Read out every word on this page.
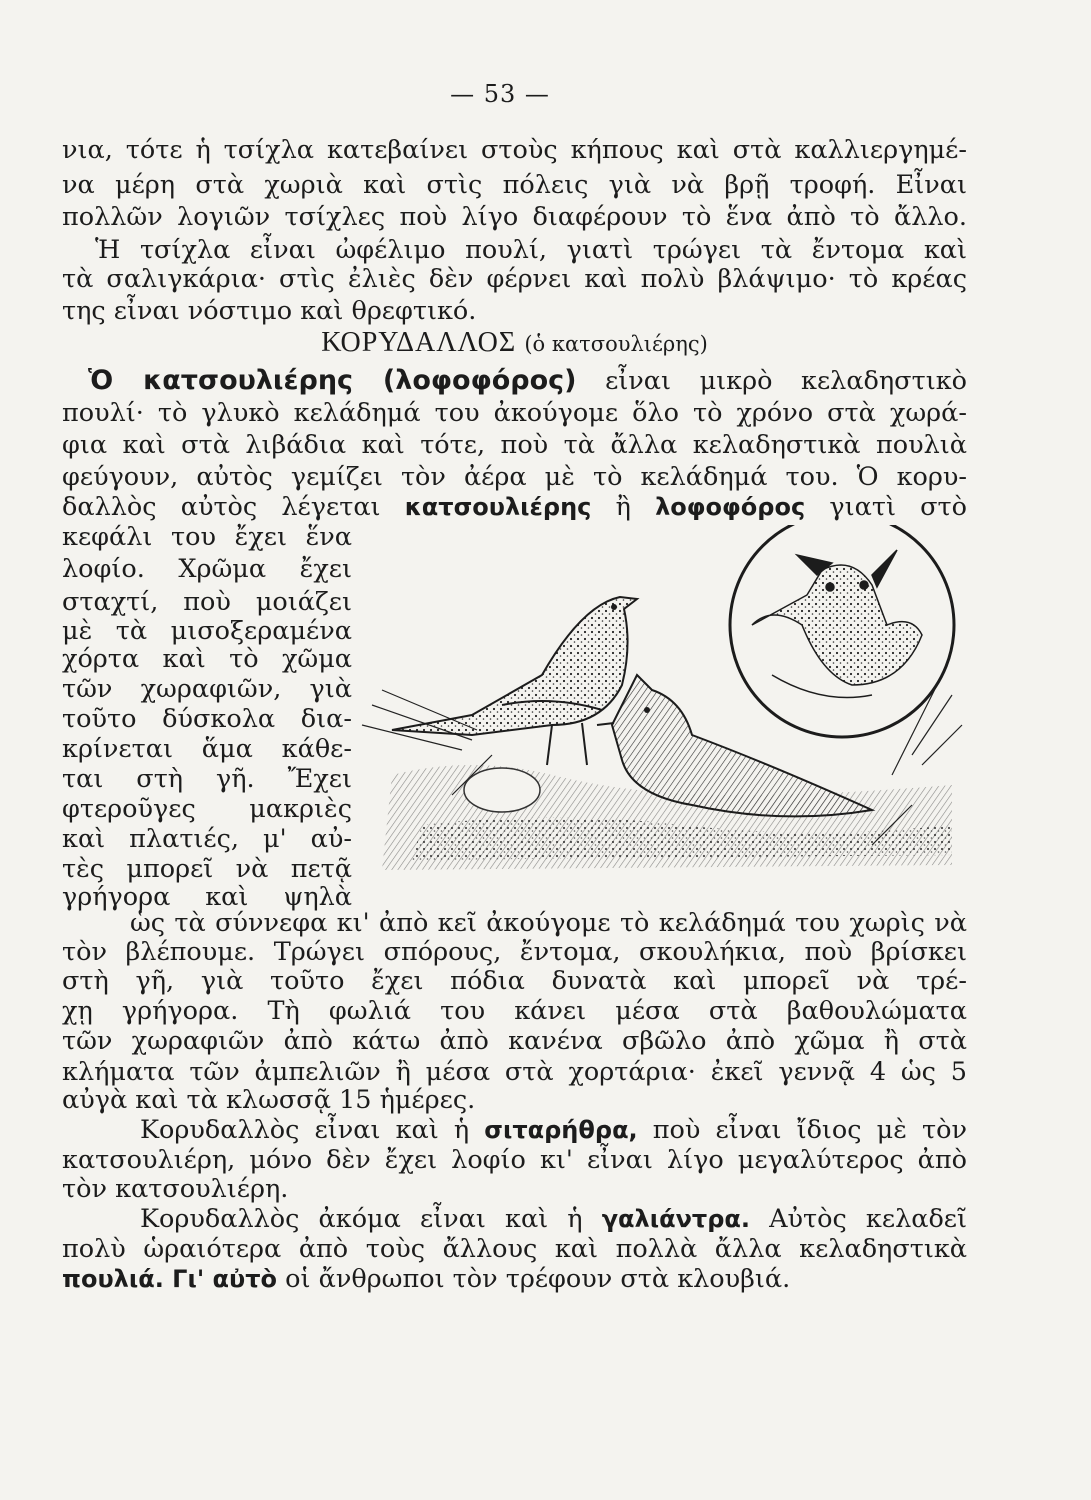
— 53 —
νια, τότε ἡ τσίχλα κατεβαίνει στοὺς κήπους καὶ στὰ καλλιεργημέ-
να μέρη στὰ χωριὰ καὶ στὶς πόλεις γιὰ νὰ βρῇ τροφή. Εἶναι
πολλῶν λογιῶν τσίχλες ποὺ λίγο διαφέρουν τὸ ἕνα ἀπὸ τὸ ἄλλο.
Ἡ τσίχλα εἶναι ὠφέλιμο πουλί, γιατὶ τρώγει τὰ ἔντομα καὶ
τὰ σαλιγκάρια· στὶς ἐλιὲς δὲν φέρνει καὶ πολὺ βλάψιμο· τὸ κρέας
της εἶναι νόστιμο καὶ θρεφτικό.
ΚΟΡΥΔΑΛΛΟΣ (ὁ κατσουλιέρης)
Ὁ κατσουλιέρης (λοφοφόρος) εἶναι μικρὸ κελαδηστικὸ
πουλί· τὸ γλυκὸ κελάδημά του ἀκούγομε ὅλο τὸ χρόνο στὰ χωρά-
φια καὶ στὰ λιβάδια καὶ τότε, ποὺ τὰ ἄλλα κελαδηστικὰ πουλιὰ
φεύγουν, αὐτὸς γεμίζει τὸν ἀέρα μὲ τὸ κελάδημά του. Ὁ κορυ-
δαλλὸς αὐτὸς λέγεται κατσουλιέρης ἢ λοφοφόρος γιατὶ στὸ
κεφάλι του ἔχει ἕνα
λοφίο. Χρῶμα ἔχει
σταχτί, ποὺ μοιάζει
μὲ τὰ μισοξεραμένα
χόρτα καὶ τὸ χῶμα
τῶν χωραφιῶν, γιὰ
τοῦτο δύσκολα δια-
κρίνεται ἅμα κάθε-
ται στὴ γῆ. Ἔχει
φτεροῦγες μακριὲς
καὶ πλατιές, μ' αὐ-
τὲς μπορεῖ νὰ πετᾷ
γρήγορα καὶ ψηλὰ
ὡς τὰ σύννεφα κι' ἀπὸ κεῖ ἀκούγομε τὸ κελάδημά του χωρὶς νὰ
τὸν βλέπουμε. Τρώγει σπόρους, ἔντομα, σκουλήκια, ποὺ βρίσκει
στὴ γῆ, γιὰ τοῦτο ἔχει πόδια δυνατὰ καὶ μπορεῖ νὰ τρέ-
χῃ γρήγορα. Τὴ φωλιά του κάνει μέσα στὰ βαθουλώματα
τῶν χωραφιῶν ἀπὸ κάτω ἀπὸ κανένα σβῶλο ἀπὸ χῶμα ἢ στὰ
κλήματα τῶν ἀμπελιῶν ἢ μέσα στὰ χορτάρια· ἐκεῖ γεννᾷ 4 ὡς 5
αὐγὰ καὶ τὰ κλωσσᾷ 15 ἡμέρες.
Κορυδαλλὸς εἶναι καὶ ἡ σιταρήθρα, ποὺ εἶναι ἴδιος μὲ τὸν
κατσουλιέρη, μόνο δὲν ἔχει λοφίο κι' εἶναι λίγο μεγαλύτερος ἀπὸ
τὸν κατσουλιέρη.
Κορυδαλλὸς ἀκόμα εἶναι καὶ ἡ γαλιάντρα. Αὐτὸς κελαδεῖ
πολὺ ὡραιότερα ἀπὸ τοὺς ἄλλους καὶ πολλὰ ἄλλα κελαδηστικὰ
πουλιά. Γι' αὐτὸ οἱ ἄνθρωποι τὸν τρέφουν στὰ κλουβιά.
